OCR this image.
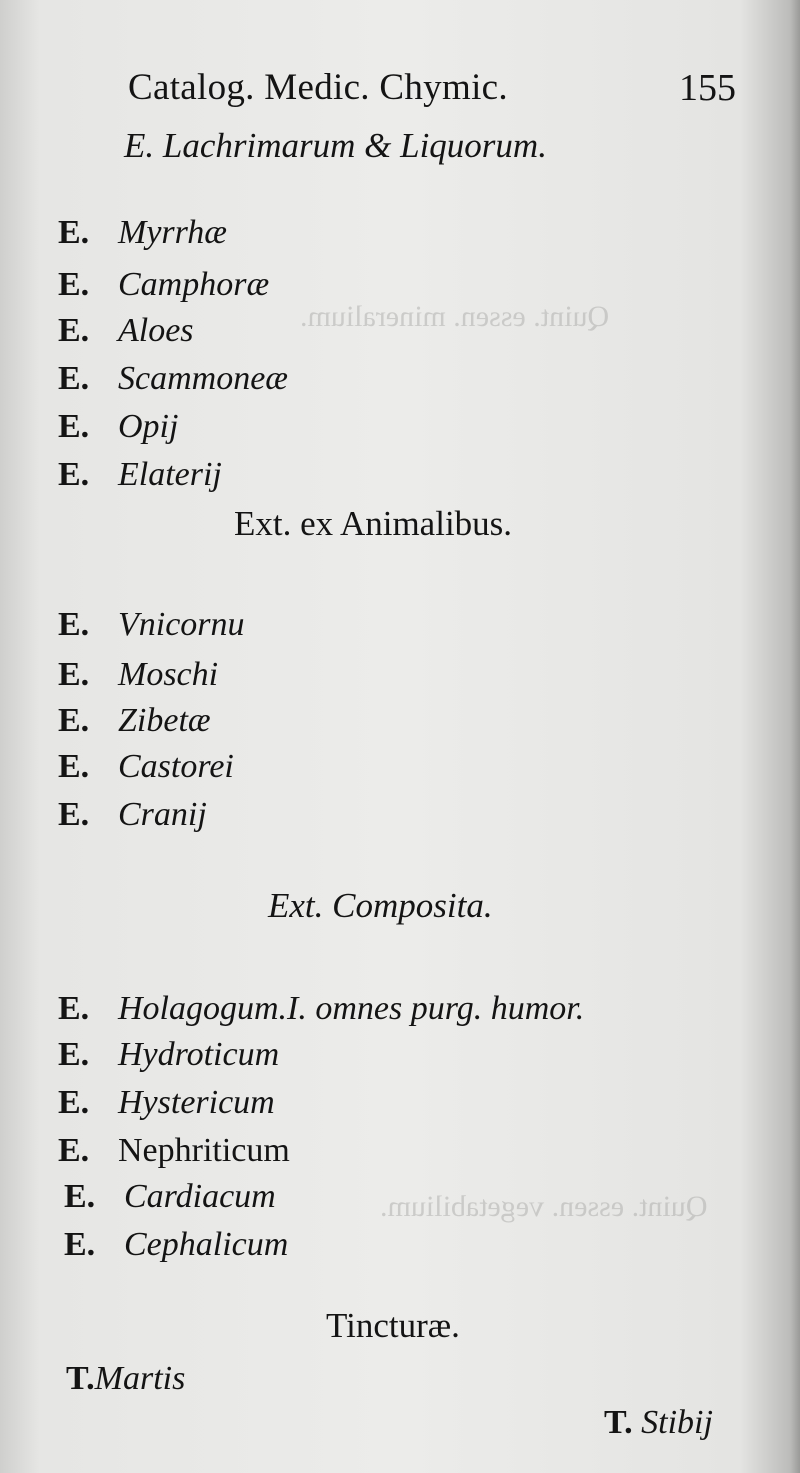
Quint. essen. mineralium.
Quint. essen. vegetabilium.
Catalog. Medic. Chymic.	155
E. Lachrimarum & Liquorum.
E. Myrrhæ
E. Camphoræ
E. Aloes
E. Scammoneæ
E. Opij
E. Elaterij
Ext. ex Animalibus.
E. Vnicornu
E. Moschi
E. Zibetæ
E. Castorei
E. Cranij
Ext. Composita.
E. Holagogum.I. omnes purg. humor.
E. Hydroticum
E. Hystericum
E. Nephriticum
E. Cardiacum
E. Cephalicum
Tincturæ.
T.Martis
T. Stibij
